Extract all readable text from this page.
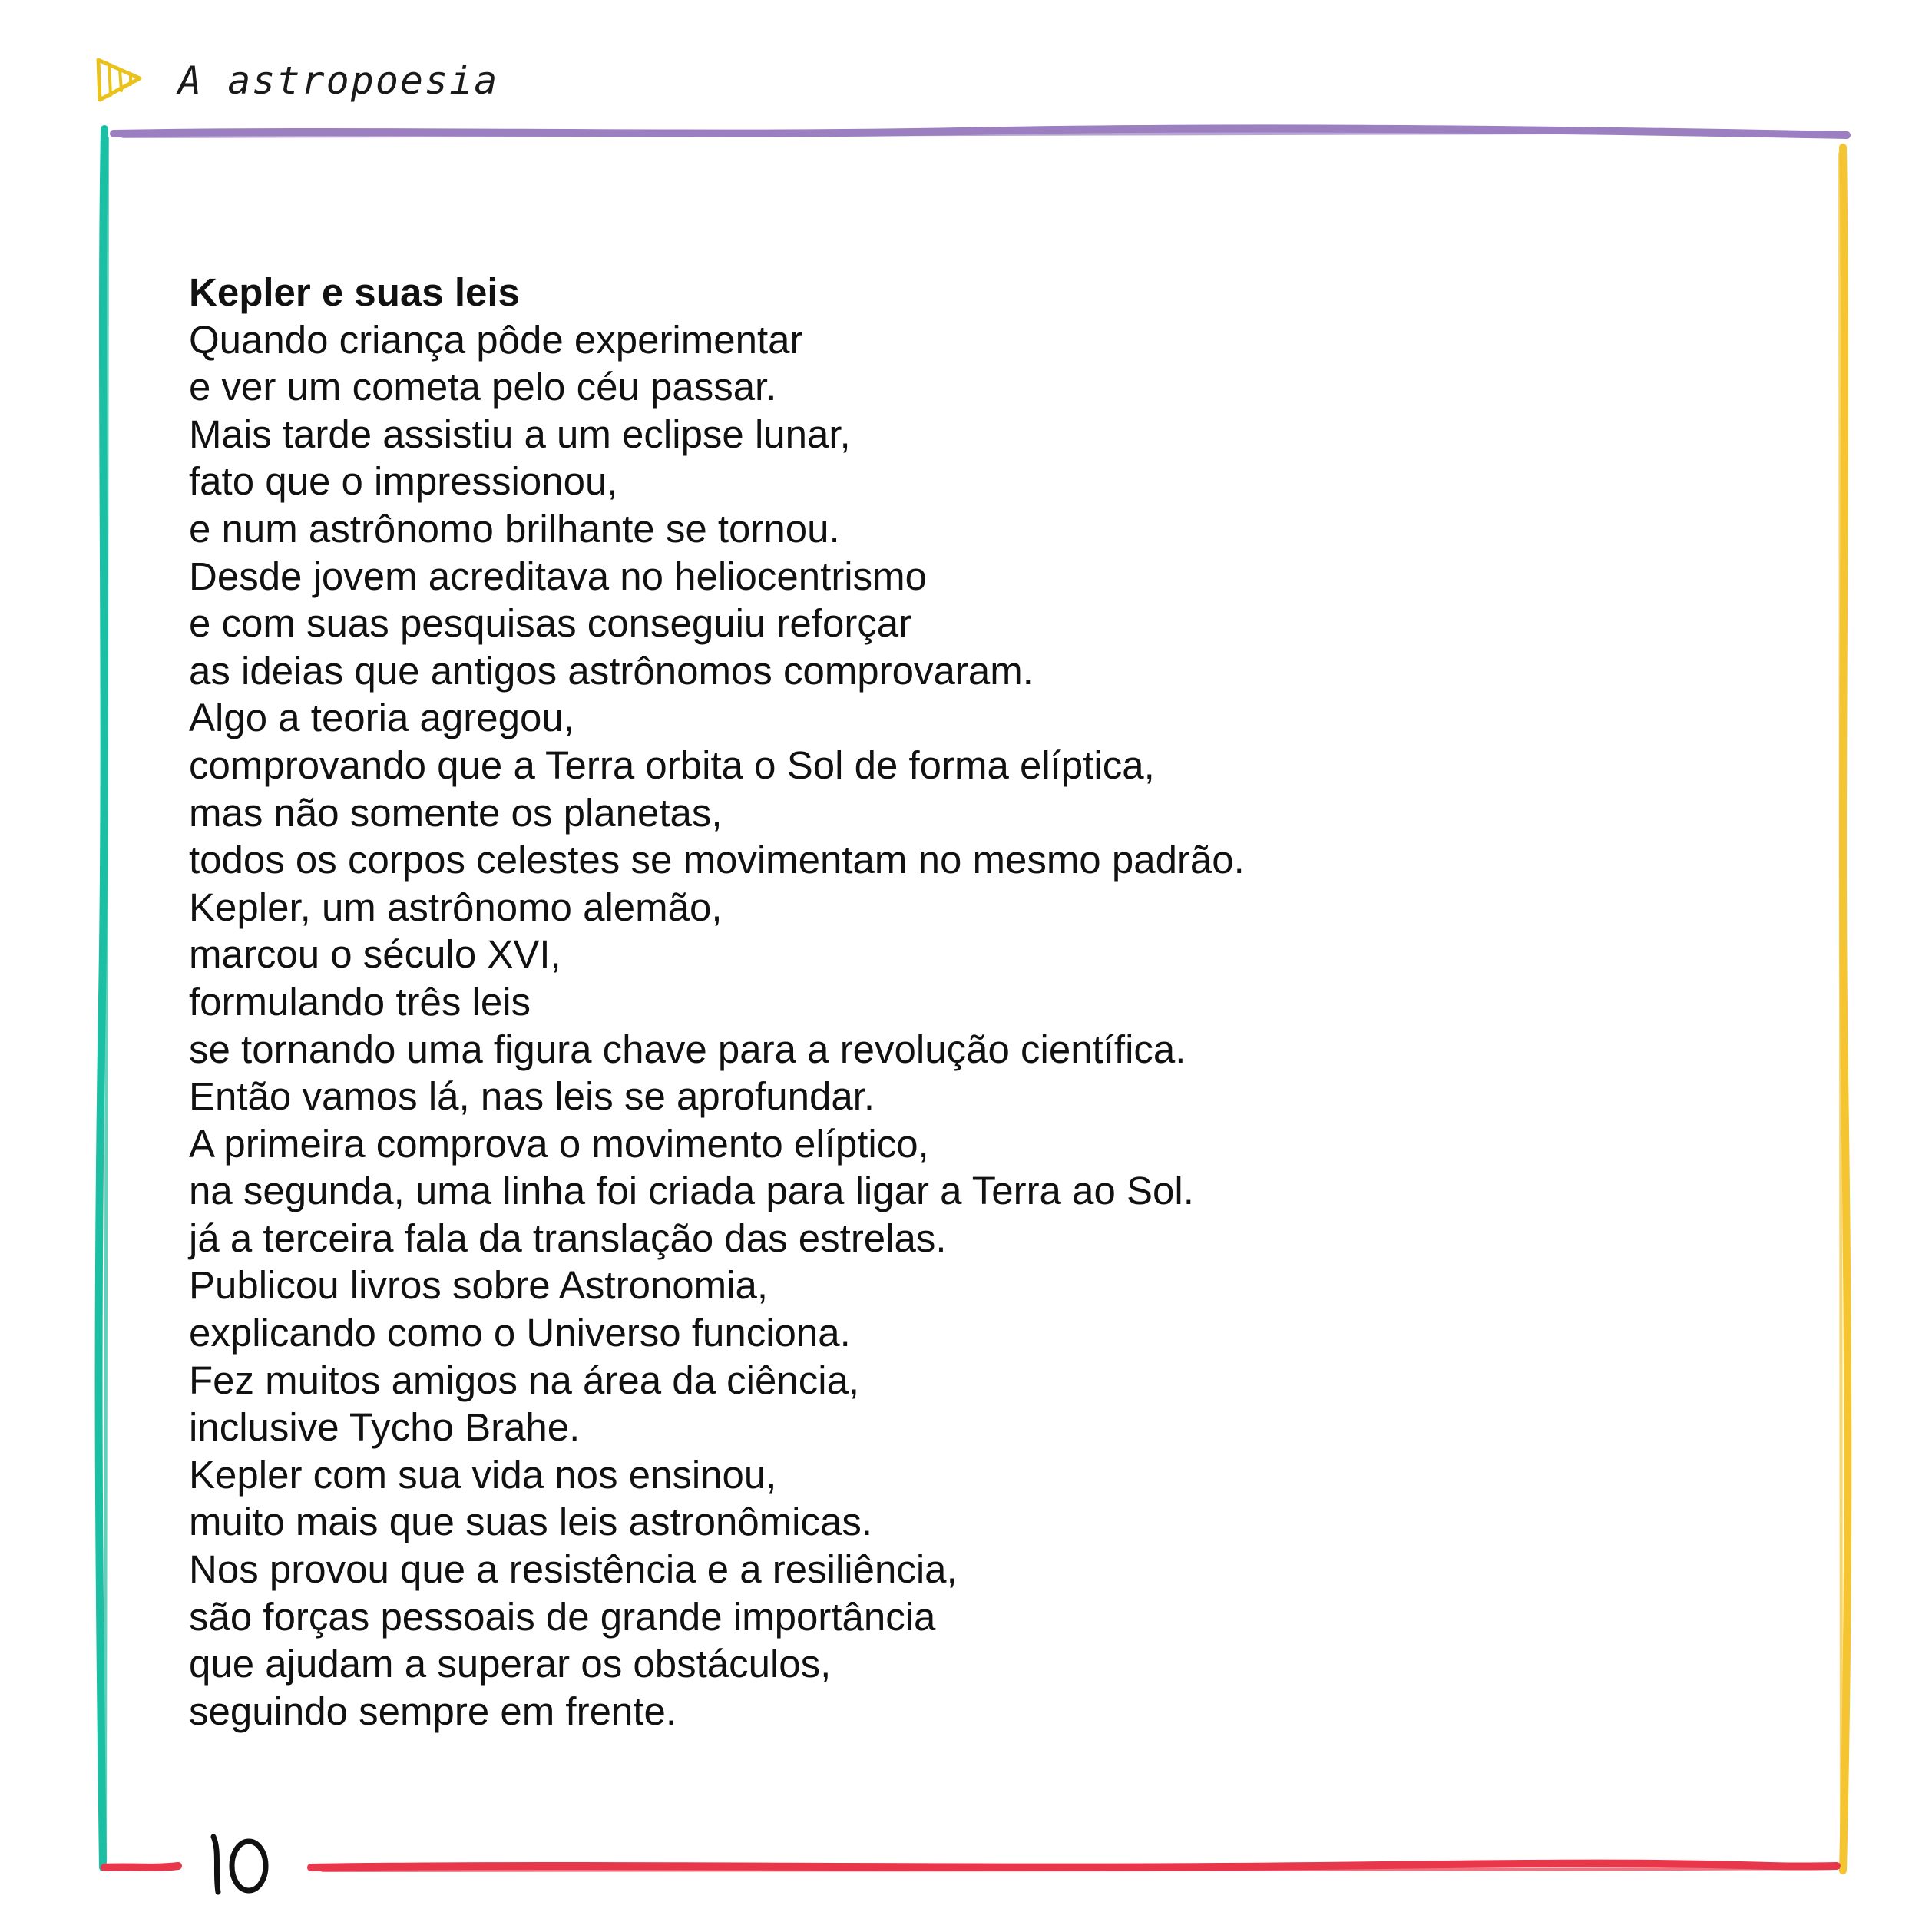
A astropoesia
Kepler e suas leis
Quando criança pôde experimentar
e ver um cometa pelo céu passar.
Mais tarde assistiu a um eclipse lunar,
fato que o impressionou,
e num astrônomo brilhante se tornou.
Desde jovem acreditava no heliocentrismo
e com suas pesquisas conseguiu reforçar
as ideias que antigos astrônomos comprovaram.
Algo a teoria agregou,
comprovando que a Terra orbita o Sol de forma elíptica,
mas não somente os planetas,
todos os corpos celestes se movimentam no mesmo padrão.
Kepler, um astrônomo alemão,
marcou o século XVI,
formulando três leis
se tornando uma figura chave para a revolução científica.
Então vamos lá, nas leis se aprofundar.
A primeira comprova o movimento elíptico,
na segunda, uma linha foi criada para ligar a Terra ao Sol.
já a terceira fala da translação das estrelas.
Publicou livros sobre Astronomia,
explicando como o Universo funciona.
Fez muitos amigos na área da ciência,
inclusive Tycho Brahe.
Kepler com sua vida nos ensinou,
muito mais que suas leis astronômicas.
Nos provou que a resistência e a resiliência,
são forças pessoais de grande importância
que ajudam a superar os obstáculos,
seguindo sempre em frente.
